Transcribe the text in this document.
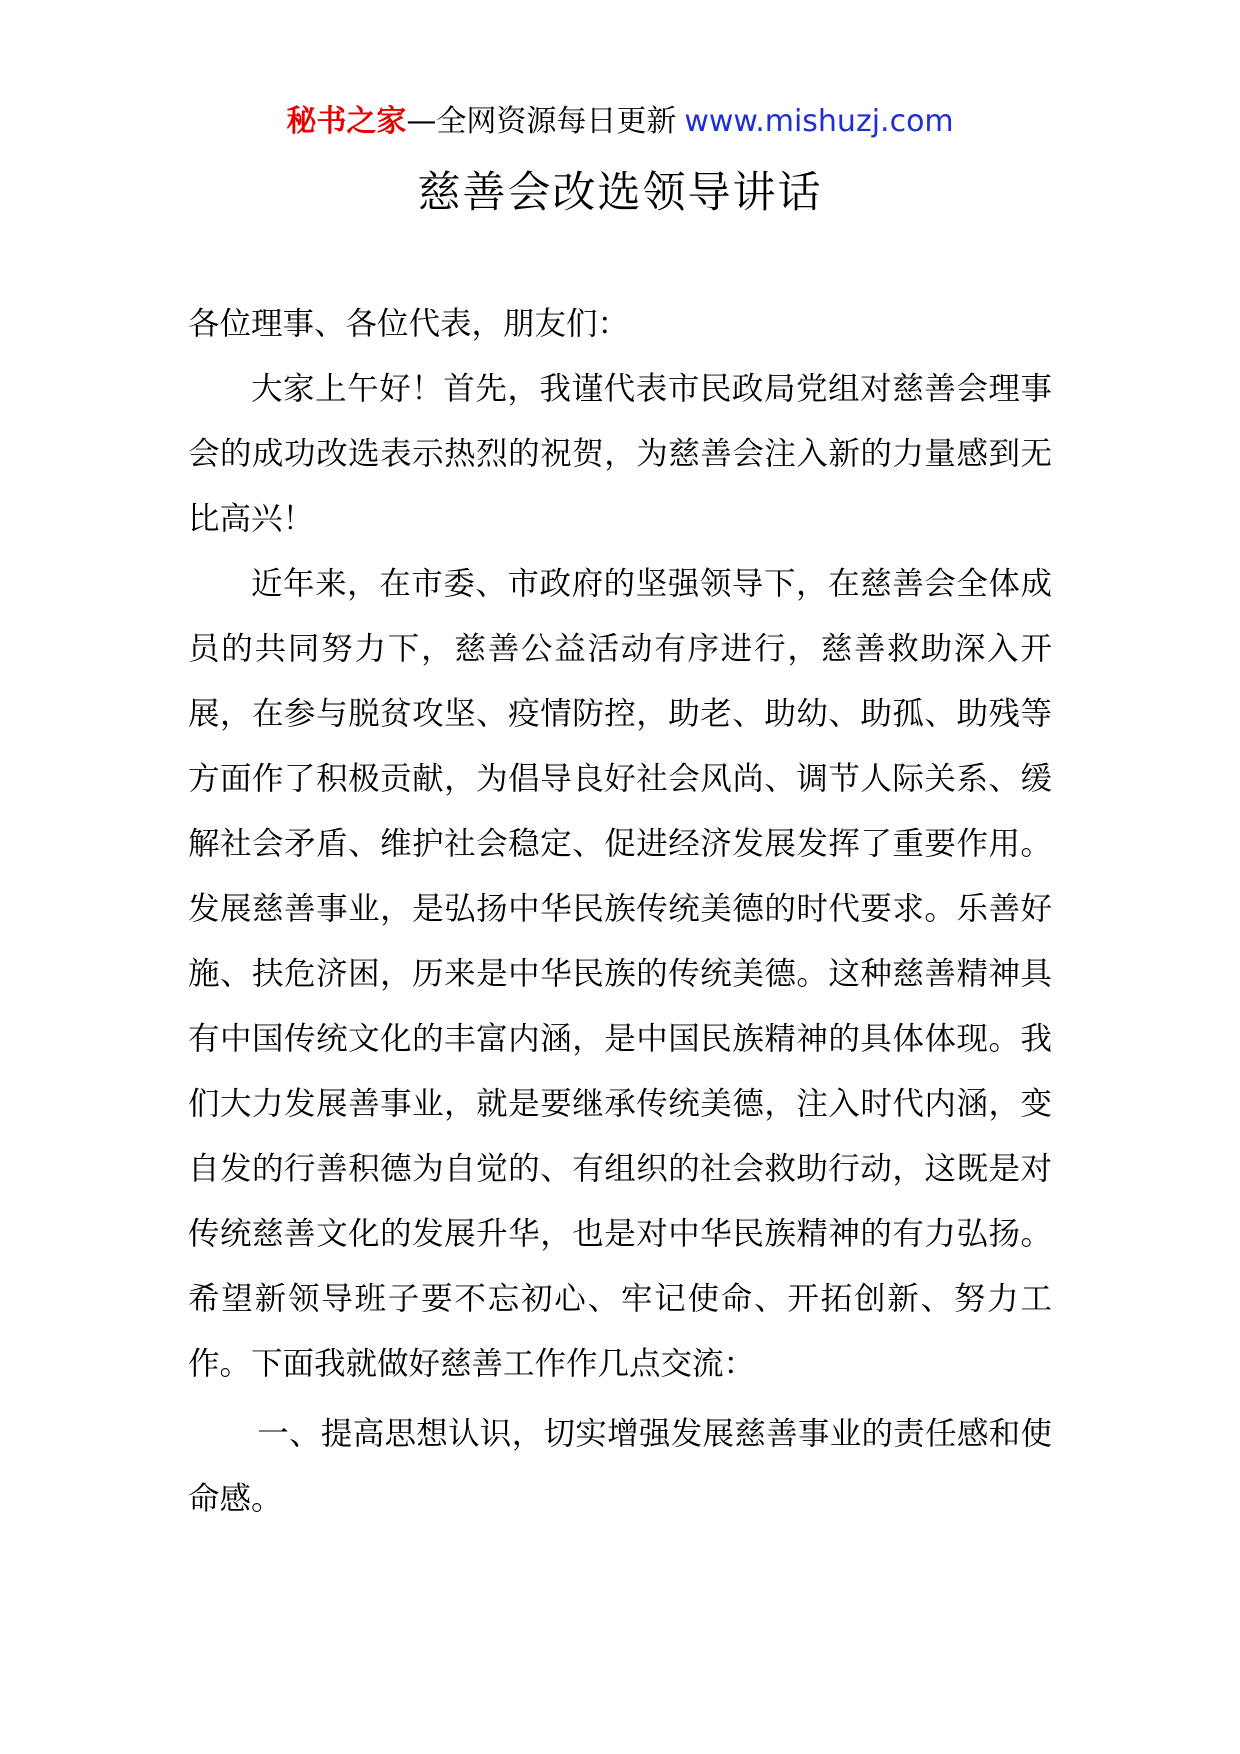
秘书之家—全网资源每日更新 www.mishuzj.com
慈善会改选领导讲话

各位理事、各位代表，朋友们：

大家上午好！首先，我谨代表市民政局党组对慈善会理事会的成功改选表示热烈的祝贺，为慈善会注入新的力量感到无比高兴！

近年来，在市委、市政府的坚强领导下，在慈善会全体成员的共同努力下，慈善公益活动有序进行，慈善救助深入开展，在参与脱贫攻坚、疫情防控，助老、助幼、助孤、助残等方面作了积极贡献，为倡导良好社会风尚、调节人际关系、缓解社会矛盾、维护社会稳定、促进经济发展发挥了重要作用。发展慈善事业，是弘扬中华民族传统美德的时代要求。乐善好施、扶危济困，历来是中华民族的传统美德。这种慈善精神具有中国传统文化的丰富内涵，是中国民族精神的具体体现。我们大力发展善事业，就是要继承传统美德，注入时代内涵，变自发的行善积德为自觉的、有组织的社会救助行动，这既是对传统慈善文化的发展升华，也是对中华民族精神的有力弘扬。希望新领导班子要不忘初心、牢记使命、开拓创新、努力工作。下面我就做好慈善工作作几点交流：

一、提高思想认识，切实增强发展慈善事业的责任感和使命感。
